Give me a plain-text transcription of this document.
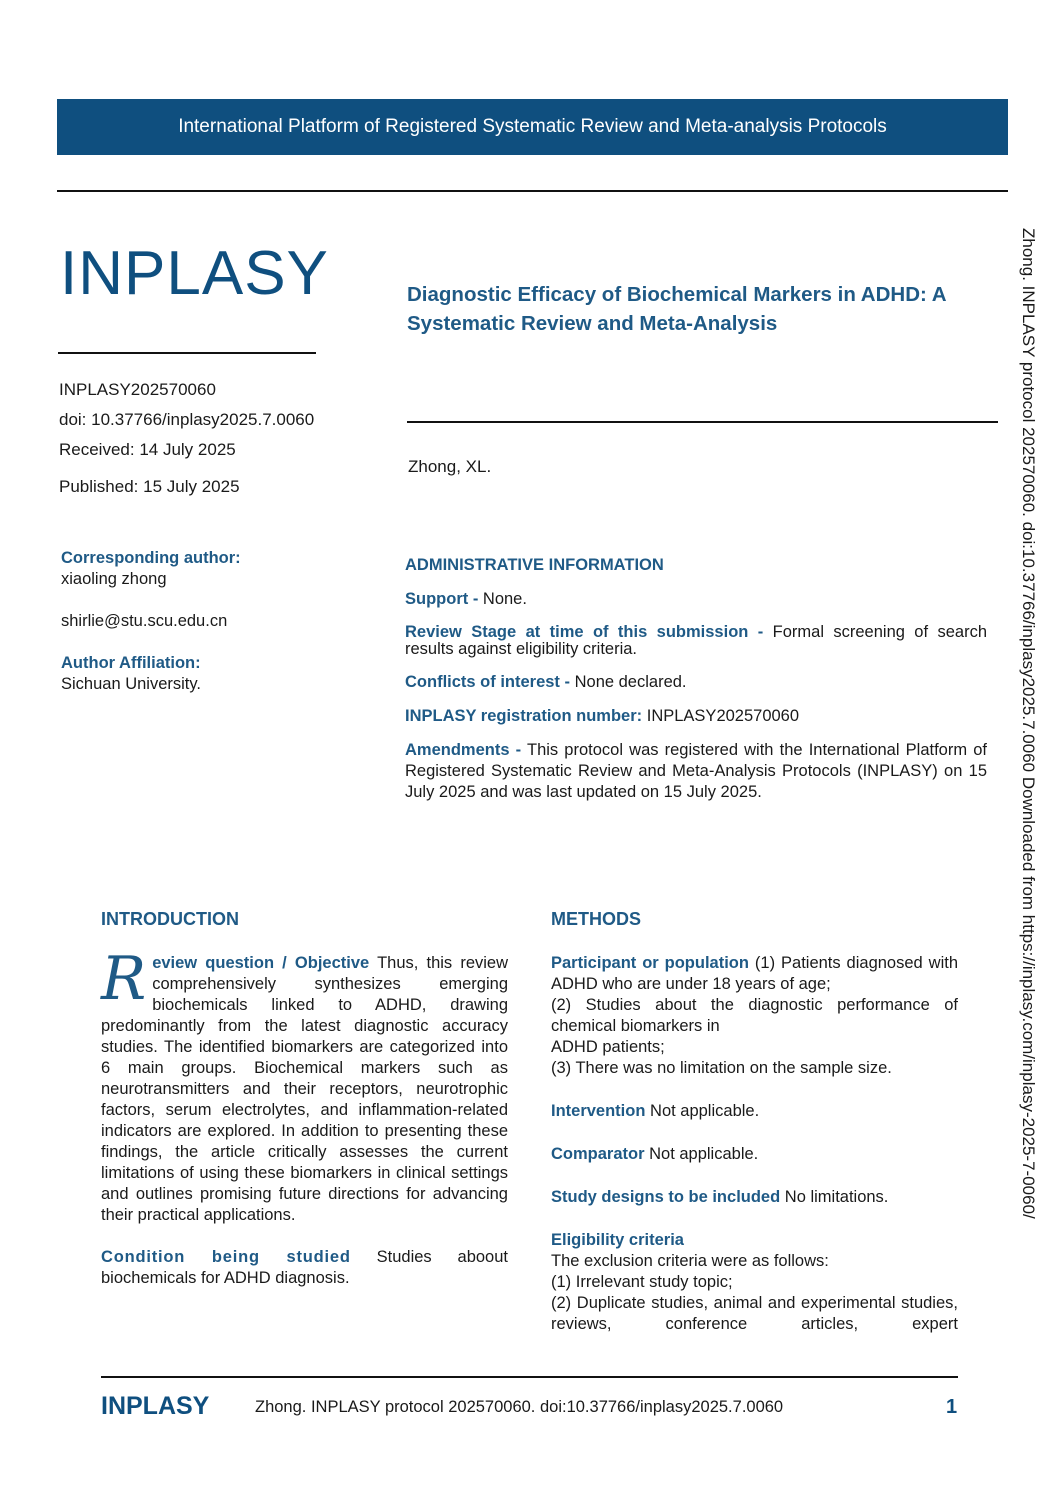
International Platform of Registered Systematic Review and Meta-analysis Protocols
INPLASY
INPLASY202570060
doi: 10.37766/inplasy2025.7.0060
Received: 14 July 2025
Published: 15 July 2025
Corresponding author:
xiaoling zhong
shirlie@stu.scu.edu.cn
Author Affiliation:
Sichuan University.
Diagnostic Efficacy of Biochemical Markers in ADHD: A Systematic Review and Meta-Analysis
Zhong, XL.
ADMINISTRATIVE INFORMATION
Support - None.
Review Stage at time of this submission - Formal screening of search results against eligibility criteria.
Conflicts of interest - None declared.
INPLASY registration number: INPLASY202570060
Amendments - This protocol was registered with the International Platform of Registered Systematic Review and Meta-Analysis Protocols (INPLASY) on 15 July 2025 and was last updated on 15 July 2025.
INTRODUCTION
Review question / Objective Thus, this review comprehensively synthesizes emerging biochemicals linked to ADHD, drawing predominantly from the latest diagnostic accuracy studies. The identified biomarkers are categorized into 6 main groups. Biochemical markers such as neurotransmitters and their receptors, neurotrophic factors, serum electrolytes, and inflammation-related indicators are explored. In addition to presenting these findings, the article critically assesses the current limitations of using these biomarkers in clinical settings and outlines promising future directions for advancing their practical applications.
Condition being studied Studies aboout biochemicals for ADHD diagnosis.
METHODS
Participant or population (1) Patients diagnosed with ADHD who are under 18 years of age;
(2) Studies about the diagnostic performance of chemical biomarkers in
ADHD patients;
(3) There was no limitation on the sample size.
Intervention Not applicable.
Comparator Not applicable.
Study designs to be included No limitations.
Eligibility criteria
The exclusion criteria were as follows:
(1) Irrelevant study topic;
(2) Duplicate studies, animal and experimental studies, reviews, conference articles, expert
Zhong. INPLASY protocol 202570060. doi:10.37766/inplasy2025.7.0060 Downloaded from https://inplasy.com/inplasy-2025-7-0060/
INPLASY	Zhong. INPLASY protocol 202570060. doi:10.37766/inplasy2025.7.0060	1
